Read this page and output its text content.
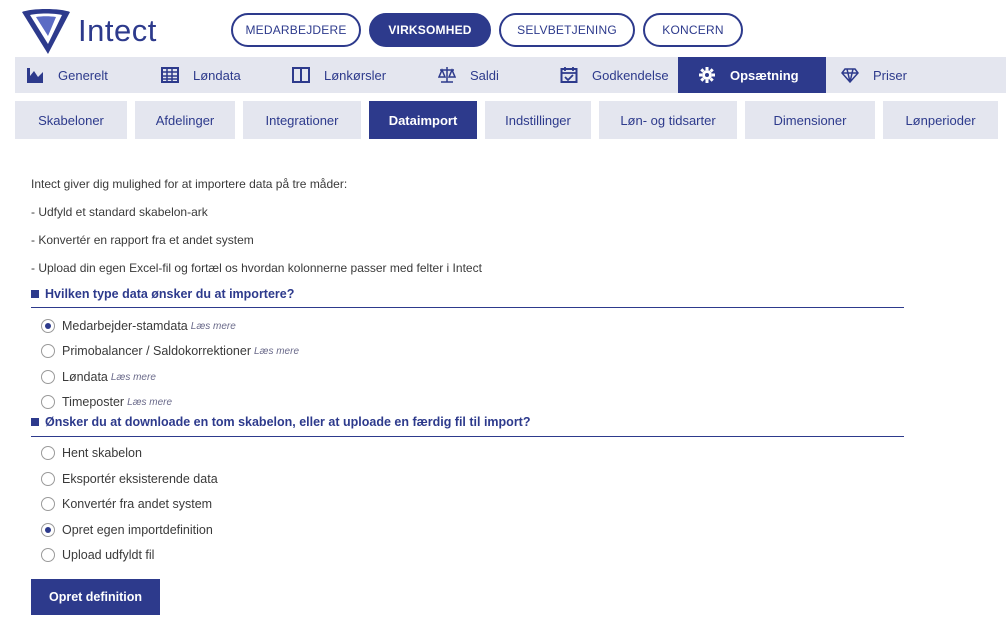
Intect	MEDARBEJDERE	VIRKSOMHED	SELVBETJENING	KONCERN
Generelt	Løndata	Lønkørsler	Saldi	Godkendelse	Opsætning	Priser
Skabeloner	Afdelinger	Integrationer	Dataimport	Indstillinger	Løn- og tidsarter	Dimensioner	Lønperioder
Intect giver dig mulighed for at importere data på tre måder:
- Udfyld et standard skabelon-ark
- Konvertér en rapport fra et andet system
- Upload din egen Excel-fil og fortæl os hvordan kolonnerne passer med felter i Intect
Hvilken type data ønsker du at importere?
Medarbejder-stamdata Læs mere
Primobalancer / Saldokorrektioner Læs mere
Løndata Læs mere
Timeposter Læs mere
Ønsker du at downloade en tom skabelon, eller at uploade en færdig fil til import?
Hent skabelon
Eksportér eksisterende data
Konvertér fra andet system
Opret egen importdefinition
Upload udfyldt fil
Opret definition
